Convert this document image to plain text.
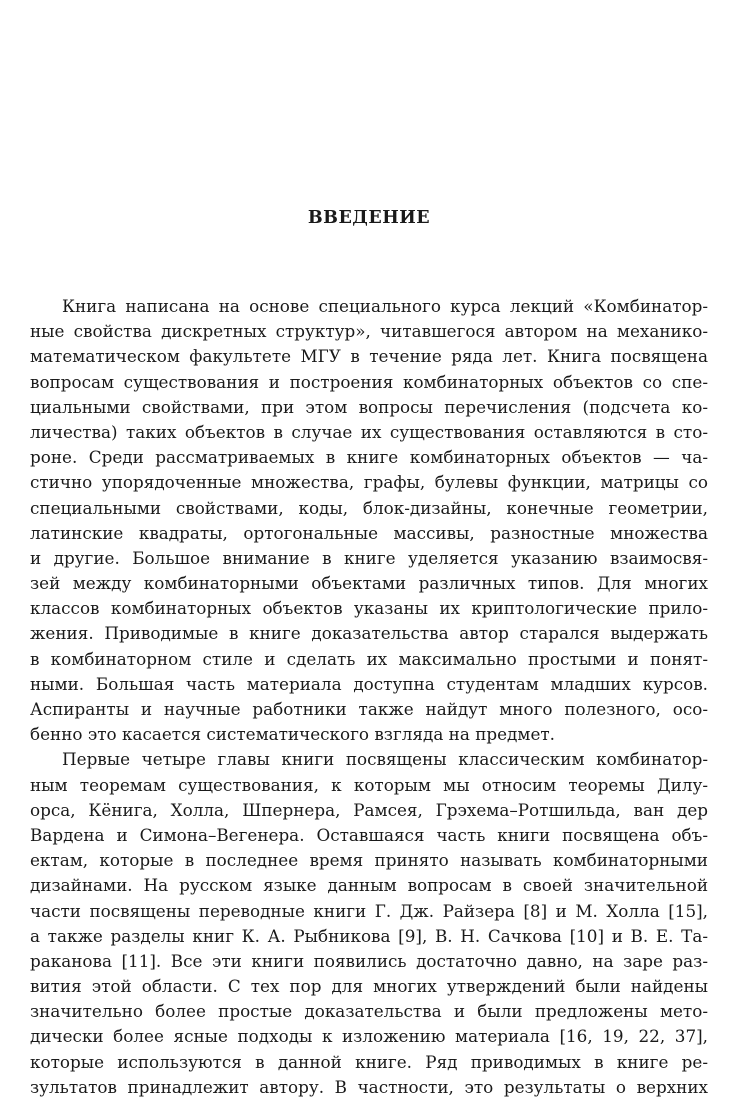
ВВЕДЕНИЕ

Книга написана на основе специального курса лекций «Комбинатор-
ные свойства дискретных структур», читавшегося автором на механико-
математическом факультете МГУ в течение ряда лет. Книга посвящена
вопросам существования и построения комбинаторных объектов со спе-
циальными свойствами, при этом вопросы перечисления (подсчета ко-
личества) таких объектов в случае их существования оставляются в сто-
роне. Среди рассматриваемых в книге комбинаторных объектов — ча-
стично упорядоченные множества, графы, булевы функции, матрицы со
специальными свойствами, коды, блок-дизайны, конечные геометрии,
латинские квадраты, ортогональные массивы, разностные множества
и другие. Большое внимание в книге уделяется указанию взаимосвя-
зей между комбинаторными объектами различных типов. Для многих
классов комбинаторных объектов указаны их криптологические прило-
жения. Приводимые в книге доказательства автор старался выдержать
в комбинаторном стиле и сделать их максимально простыми и понят-
ными. Большая часть материала доступна студентам младших курсов.
Аспиранты и научные работники также найдут много полезного, осо-
бенно это касается систематического взгляда на предмет.

Первые четыре главы книги посвящены классическим комбинатор-
ным теоремам существования, к которым мы относим теоремы Дилу-
орса, Кёнига, Холла, Шпернера, Рамсея, Грэхема–Ротшильда, ван дер
Вардена и Симона–Вегенера. Оставшаяся часть книги посвящена объ-
ектам, которые в последнее время принято называть комбинаторными
дизайнами. На русском языке данным вопросам в своей значительной
части посвящены переводные книги Г. Дж. Райзера [8] и М. Холла [15],
а также разделы книг К. А. Рыбникова [9], В. Н. Сачкова [10] и В. Е. Та-
раканова [11]. Все эти книги появились достаточно давно, на заре раз-
вития этой области. С тех пор для многих утверждений были найдены
значительно более простые доказательства и были предложены мето-
дически более ясные подходы к изложению материала [16, 19, 22, 37],
которые используются в данной книге. Ряд приводимых в книге ре-
зультатов принадлежит автору. В частности, это результаты о верхних
